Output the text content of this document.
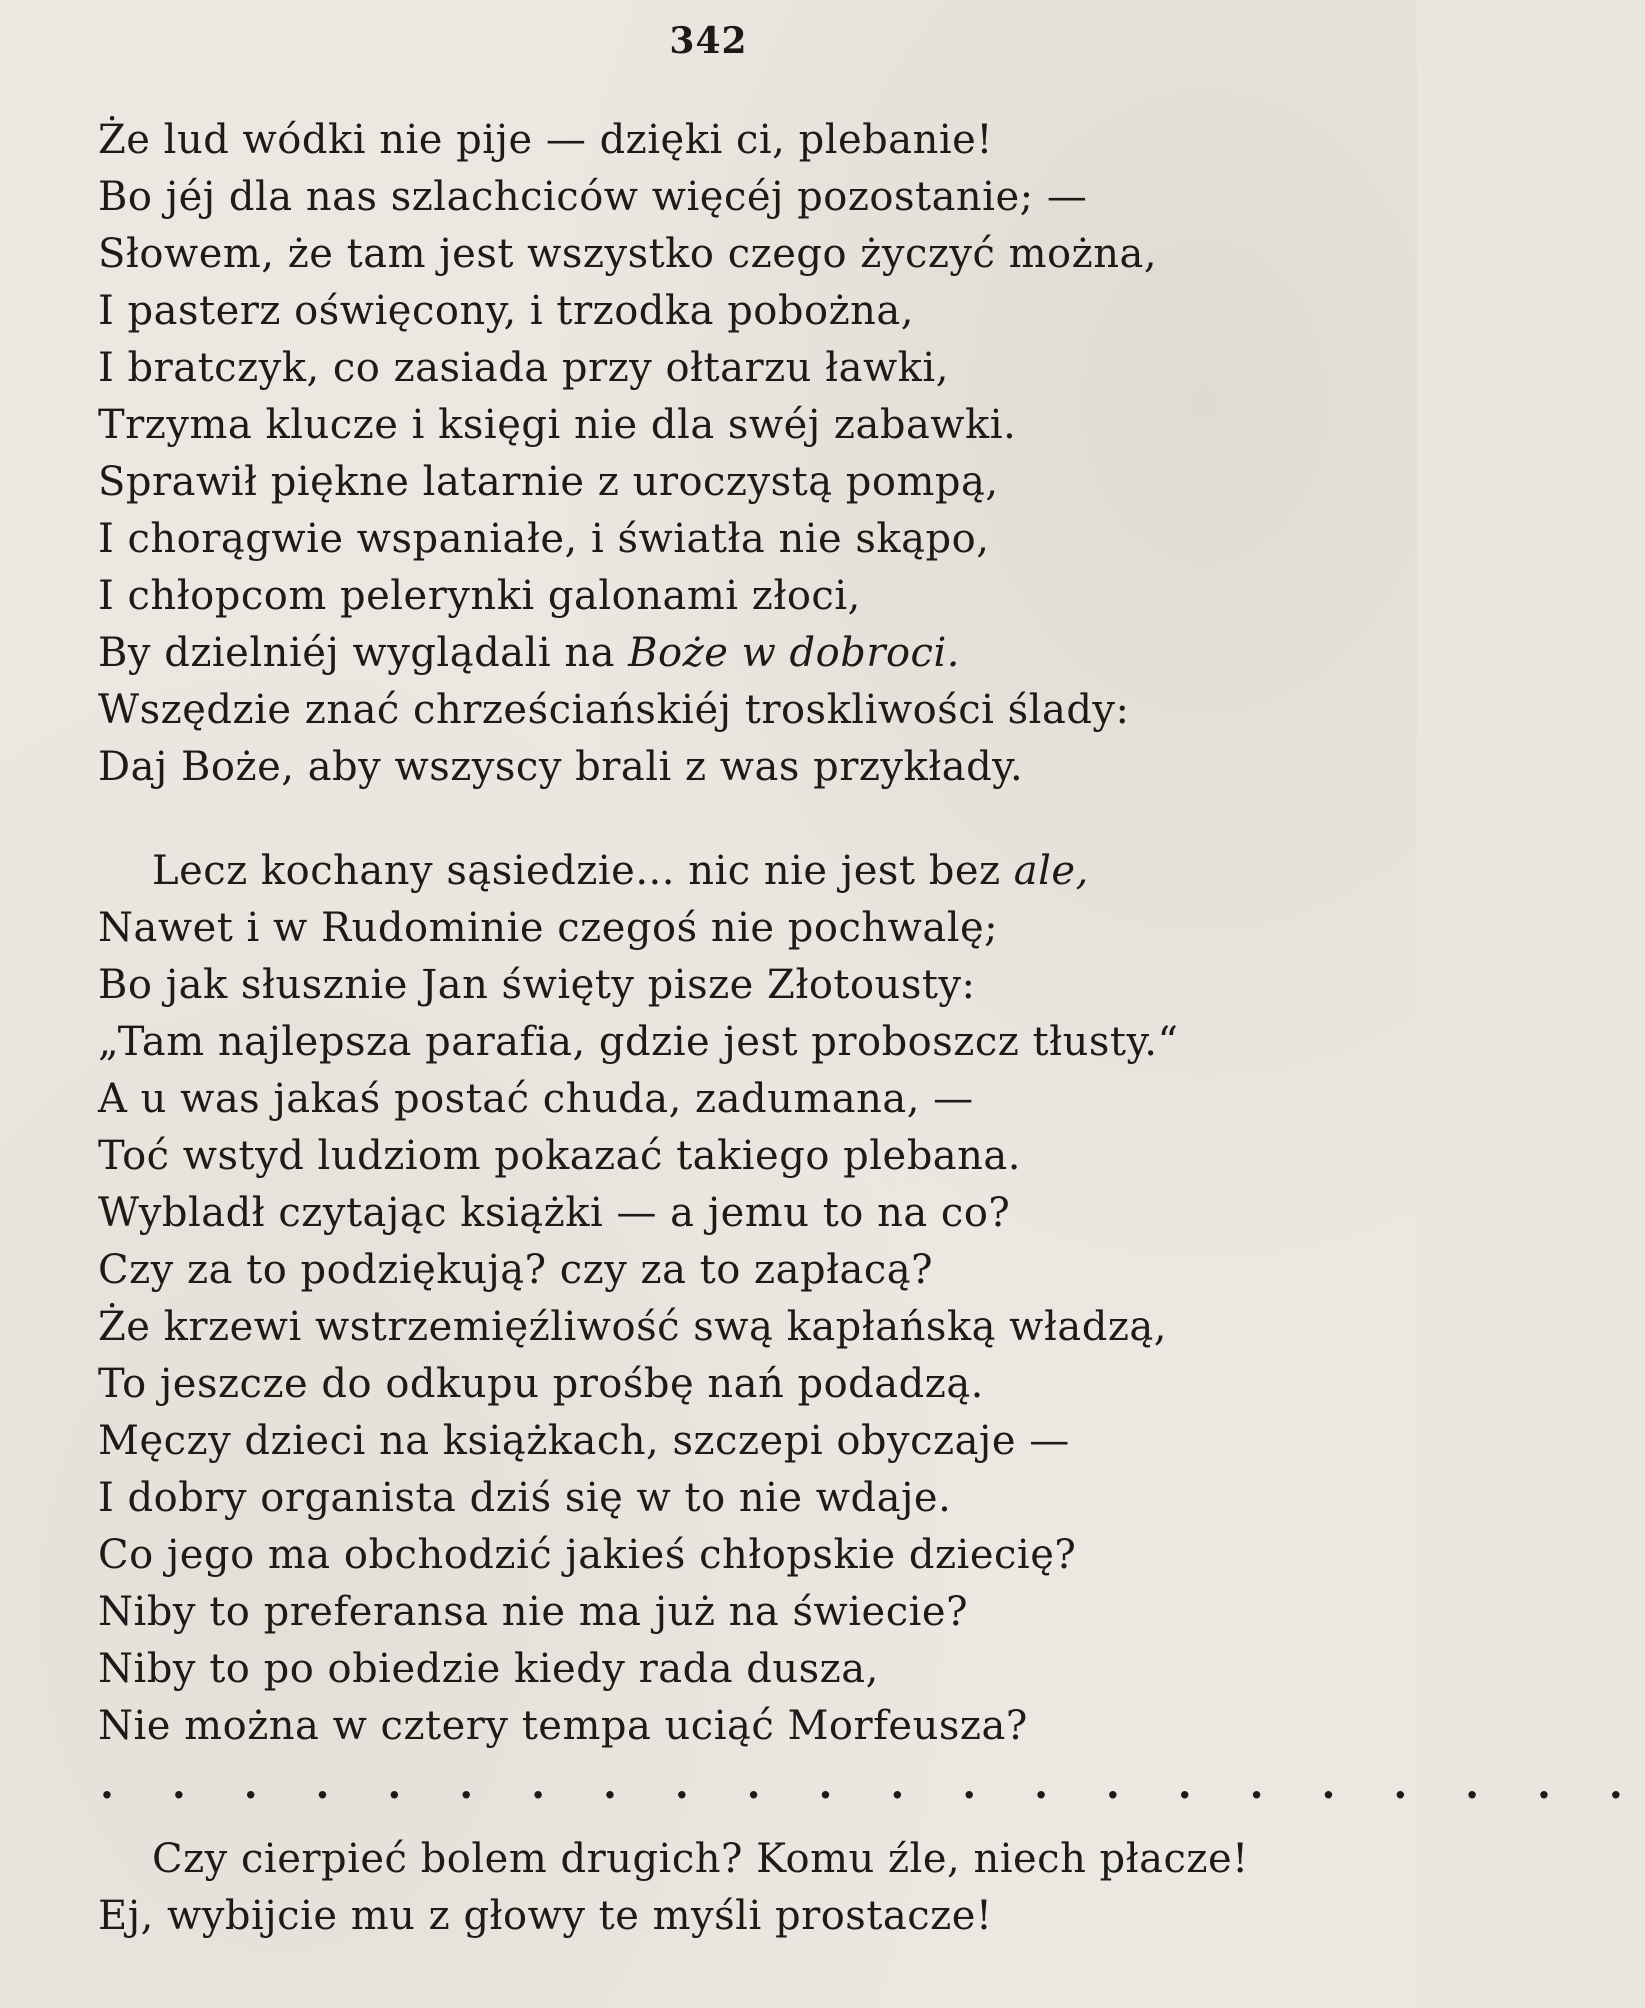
342
Że lud wódki nie pije — dzięki ci, plebanie!
Bo jéj dla nas szlachciców więcéj pozostanie; —
Słowem, że tam jest wszystko czego życzyć można,
I pasterz oświęcony, i trzodka pobożna,
I bratczyk, co zasiada przy ołtarzu ławki,
Trzyma klucze i księgi nie dla swéj zabawki.
Sprawił piękne latarnie z uroczystą pompą,
I chorągwie wspaniałe, i światła nie skąpo,
I chłopcom pelerynki galonami złoci,
By dzielniéj wyglądali na Boże w dobroci.
Wszędzie znać chrześciańskiéj troskliwości ślady:
Daj Boże, aby wszyscy brali z was przykłady.
Lecz kochany sąsiedzie... nic nie jest bez ale,
Nawet i w Rudominie czegoś nie pochwalę;
Bo jak słusznie Jan święty pisze Złotousty:
„Tam najlepsza parafia, gdzie jest proboszcz tłusty.“
A u was jakaś postać chuda, zadumana, —
Toć wstyd ludziom pokazać takiego plebana.
Wybladł czytając książki — a jemu to na co?
Czy za to podziękują? czy za to zapłacą?
Że krzewi wstrzemięźliwość swą kapłańską władzą,
To jeszcze do odkupu prośbę nań podadzą.
Męczy dzieci na książkach, szczepi obyczaje —
I dobry organista dziś się w to nie wdaje.
Co jego ma obchodzić jakieś chłopskie dziecię?
Niby to preferansa nie ma już na świecie?
Niby to po obiedzie kiedy rada dusza,
Nie można w cztery tempa uciąć Morfeusza?
. . . . . . . . . . . . . . . . . . . . . .
Czy cierpieć bolem drugich? Komu źle, niech płacze!
Ej, wybijcie mu z głowy te myśli prostacze!
